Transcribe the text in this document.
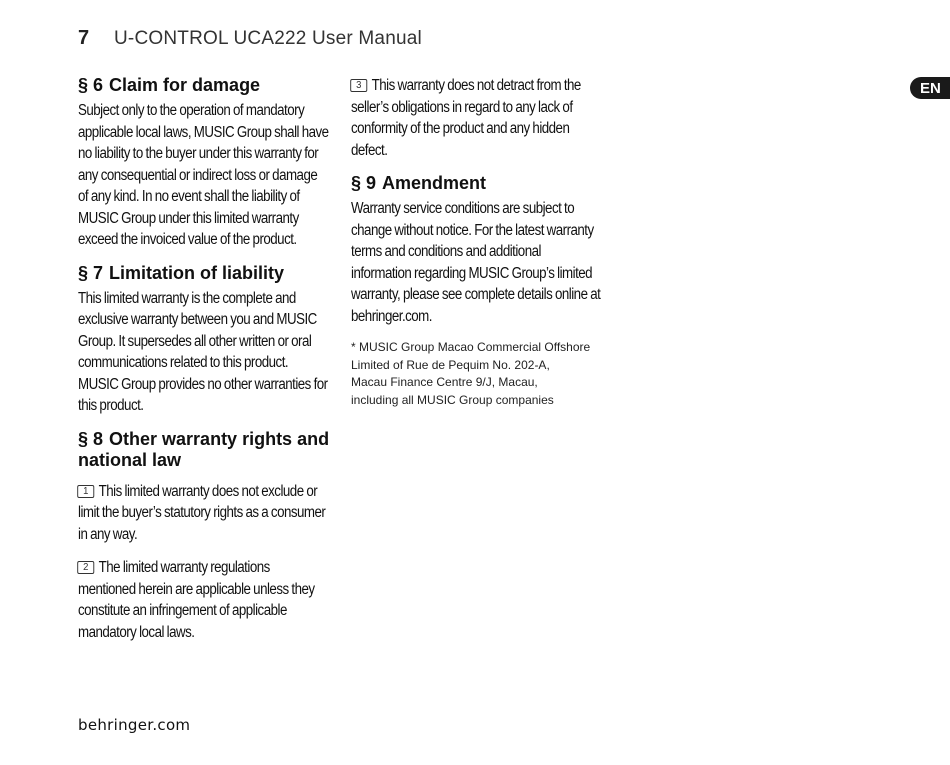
7 U-CONTROL UCA222 User Manual
EN
§ 6 Claim for damage

Subject only to the operation of mandatory applicable local laws, MUSIC Group shall have no liability to the buyer under this warranty for any consequential or indirect loss or damage of any kind. In no event shall the liability of MUSIC Group under this limited warranty exceed the invoiced value of the product.

§ 7 Limitation of liability

This limited warranty is the complete and exclusive warranty between you and MUSIC Group. It supersedes all other written or oral communications related to this product. MUSIC Group provides no other warranties for this product.

§ 8 Other warranty rights and national law

1 This limited warranty does not exclude or limit the buyer’s statutory rights as a consumer in any way.

2 The limited warranty regulations mentioned herein are applicable unless they constitute an infringement of applicable mandatory local laws.

3 This warranty does not detract from the seller’s obligations in regard to any lack of conformity of the product and any hidden defect.

§ 9 Amendment

Warranty service conditions are subject to change without notice. For the latest warranty terms and conditions and additional information regarding MUSIC Group’s limited warranty, please see complete details online at behringer.com.

* MUSIC Group Macao Commercial Offshore
Limited of Rue de Pequim No. 202-A,
Macau Finance Centre 9/J, Macau,
including all MUSIC Group companies
behringer.com
